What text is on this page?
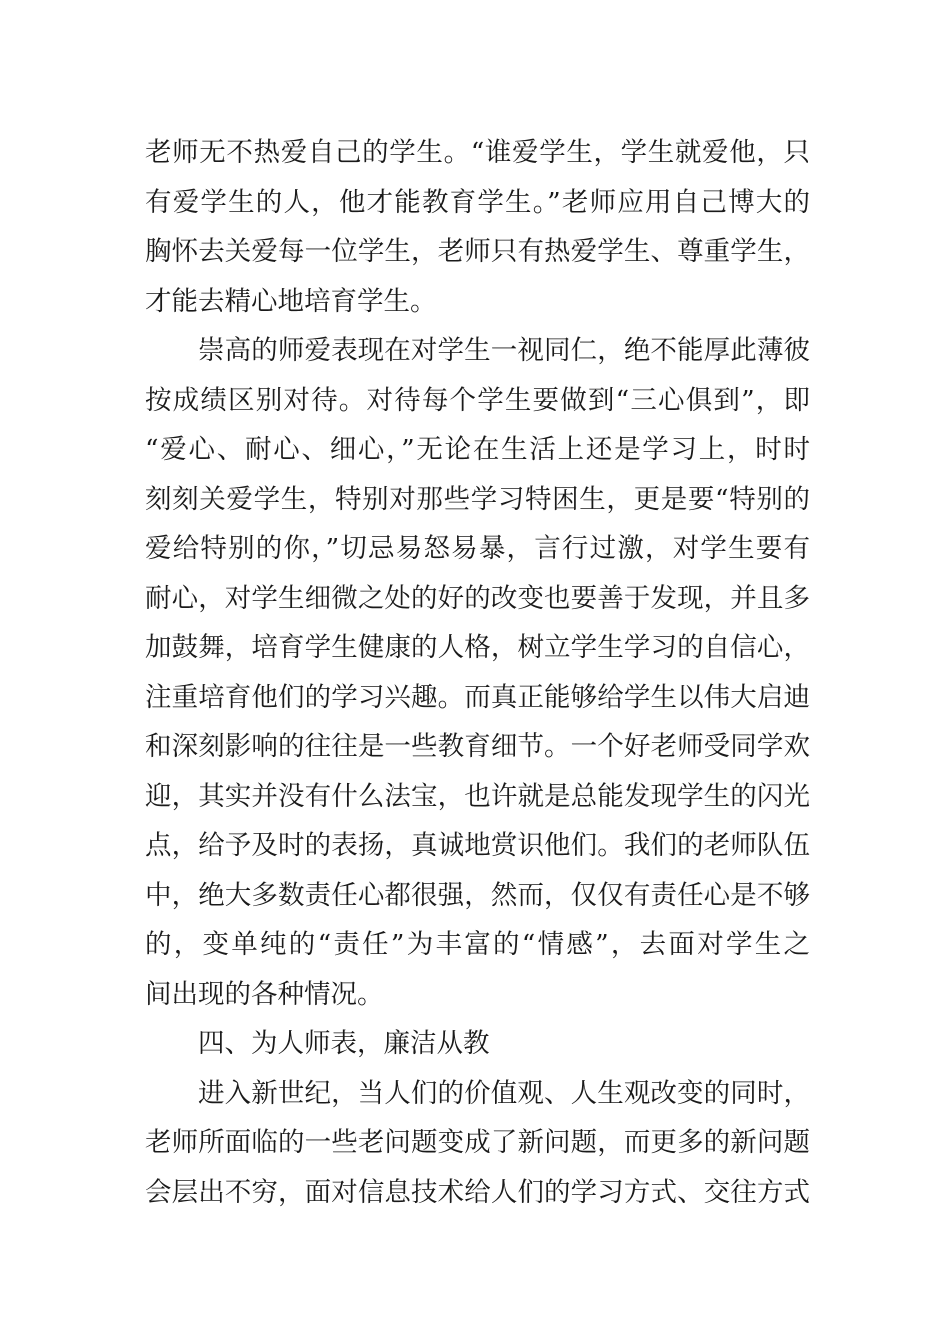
老师无不热爱自己的学生。“谁爱学生，学生就爱他，只
有爱学生的人，他才能教育学生。”老师应用自己博大的
胸怀去关爱每一位学生，老师只有热爱学生、尊重学生，
才能去精心地培育学生。
崇高的师爱表现在对学生一视同仁，绝不能厚此薄彼
按成绩区别对待。对待每个学生要做到“三心俱到”，即
“爱心、耐心、细心，”无论在生活上还是学习上，时时
刻刻关爱学生，特别对那些学习特困生，更是要“特别的
爱给特别的你，”切忌易怒易暴，言行过激，对学生要有
耐心，对学生细微之处的好的改变也要善于发现，并且多
加鼓舞，培育学生健康的人格，树立学生学习的自信心，
注重培育他们的学习兴趣。而真正能够给学生以伟大启迪
和深刻影响的往往是一些教育细节。一个好老师受同学欢
迎，其实并没有什么法宝，也许就是总能发现学生的闪光
点，给予及时的表扬，真诚地赏识他们。我们的老师队伍
中，绝大多数责任心都很强，然而，仅仅有责任心是不够
的，变单纯的“责任”为丰富的“情感”，去面对学生之
间出现的各种情况。
四、为人师表，廉洁从教
进入新世纪，当人们的价值观、人生观改变的同时，
老师所面临的一些老问题变成了新问题，而更多的新问题
会层出不穷，面对信息技术给人们的学习方式、交往方式
